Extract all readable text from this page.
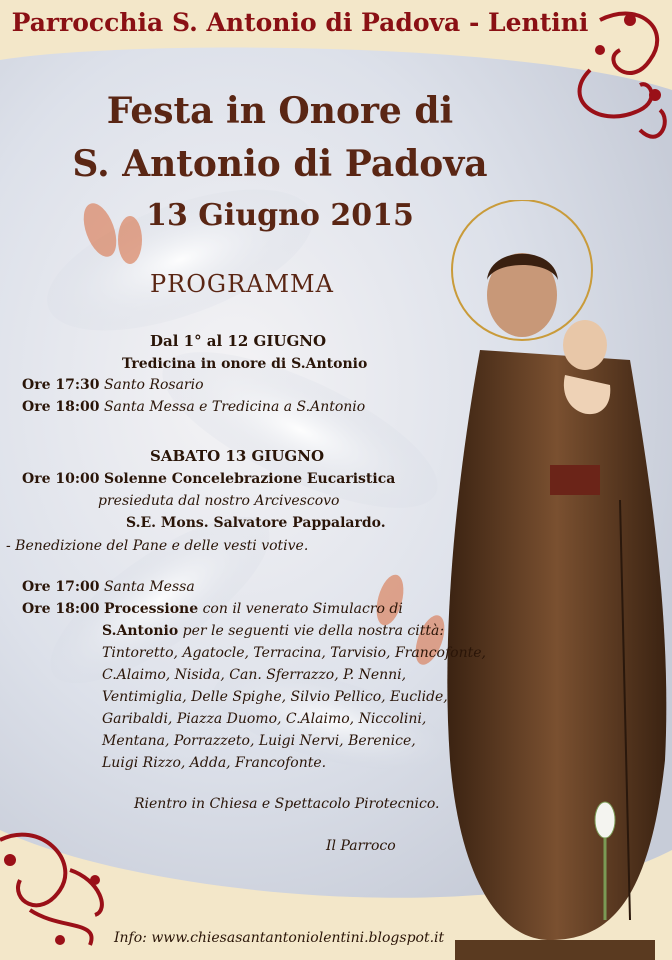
Parrocchia S. Antonio di Padova - Lentini
Festa in Onore di
S. Antonio di Padova
13 Giugno 2015
PROGRAMMA
Dal 1° al 12 GIUGNO
Tredicina in onore di S.Antonio
Ore 17:30 Santo Rosario
Ore 18:00 Santa Messa e Tredicina a S.Antonio
SABATO 13 GIUGNO
Ore 10:00 Solenne Concelebrazione Eucaristica
presieduta dal nostro Arcivescovo
S.E. Mons. Salvatore Pappalardo.
- Benedizione del Pane e delle vesti votive.
Ore 17:00 Santa Messa
Ore 18:00 Processione con il venerato Simulacro di
S.Antonio per le seguenti vie della nostra città:
Tintoretto, Agatocle, Terracina, Tarvisio, Francofonte,
C.Alaimo, Nisida, Can. Sferrazzo, P. Nenni,
Ventimiglia, Delle Spighe, Silvio Pellico, Euclide,
Garibaldi, Piazza Duomo, C.Alaimo, Niccolini,
Mentana, Porrazzeto, Luigi Nervi, Berenice,
Luigi Rizzo, Adda, Francofonte.
Rientro in Chiesa e Spettacolo Pirotecnico.
Il Parroco
Info: www.chiesasantantoniolentini.blogspot.it
